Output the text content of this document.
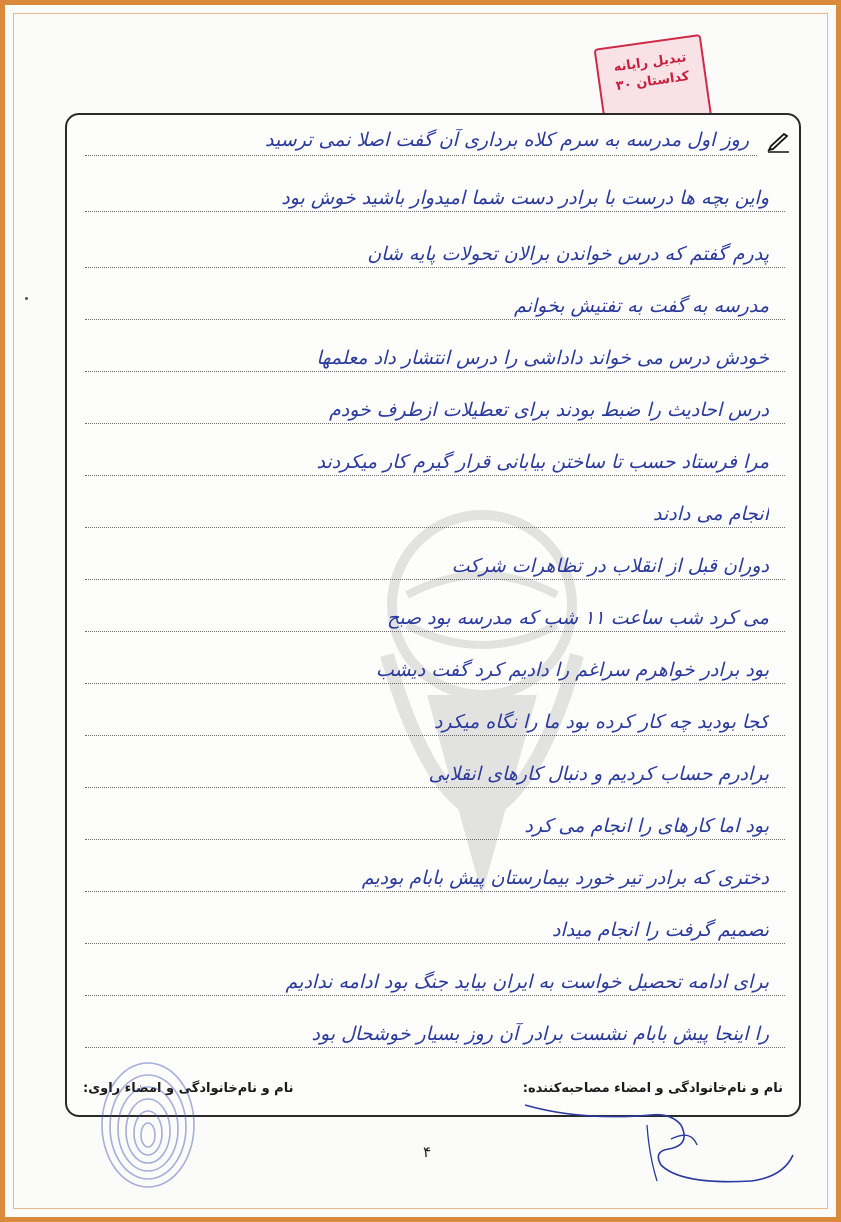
تبدیل رایانه
کداستان ۳۰
روز اول مدرسه به سرم کلاه برداری آن گفت اصلا نمی ترسید
واین بچه ها درست با برادر دست شما امیدوار باشید خوش بود
پدرم گفتم که درس خواندن برالان تحولات پایه شان
مدرسه به گفت به تفتیش بخوانم
خودش درس می خواند داداشی را درس انتشار داد معلمها
درس احادیث را ضبط بودند برای تعطیلات ازطرف خودم
مرا فرستاد حسب تا ساختن بیابانی قرار گیرم کار میکردند
انجام می دادند
دوران قبل از انقلاب در تظاهرات شرکت
می کرد شب ساعت ۱۱ شب که مدرسه بود صبح
بود برادر خواهرم سراغم را دادیم کرد گفت دیشب
کجا بودید چه کار کرده بود ما را نگاه میکرد
برادرم حساب کردیم و دنبال کارهای انقلابی
بود اما کارهای را انجام می کرد
دختری که برادر تیر خورد بیمارستان پیش بابام بودیم
تصمیم گرفت را انجام میداد
برای ادامه تحصیل خواست به ایران بیاید جنگ بود ادامه ندادیم
را اینجا پیش بابام نشست برادر آن روز بسیار خوشحال بود
نام و نام‌خانوادگی و امضاء مصاحبه‌کننده:
نام و نام‌خانوادگی و امضاء راوی:
۴
